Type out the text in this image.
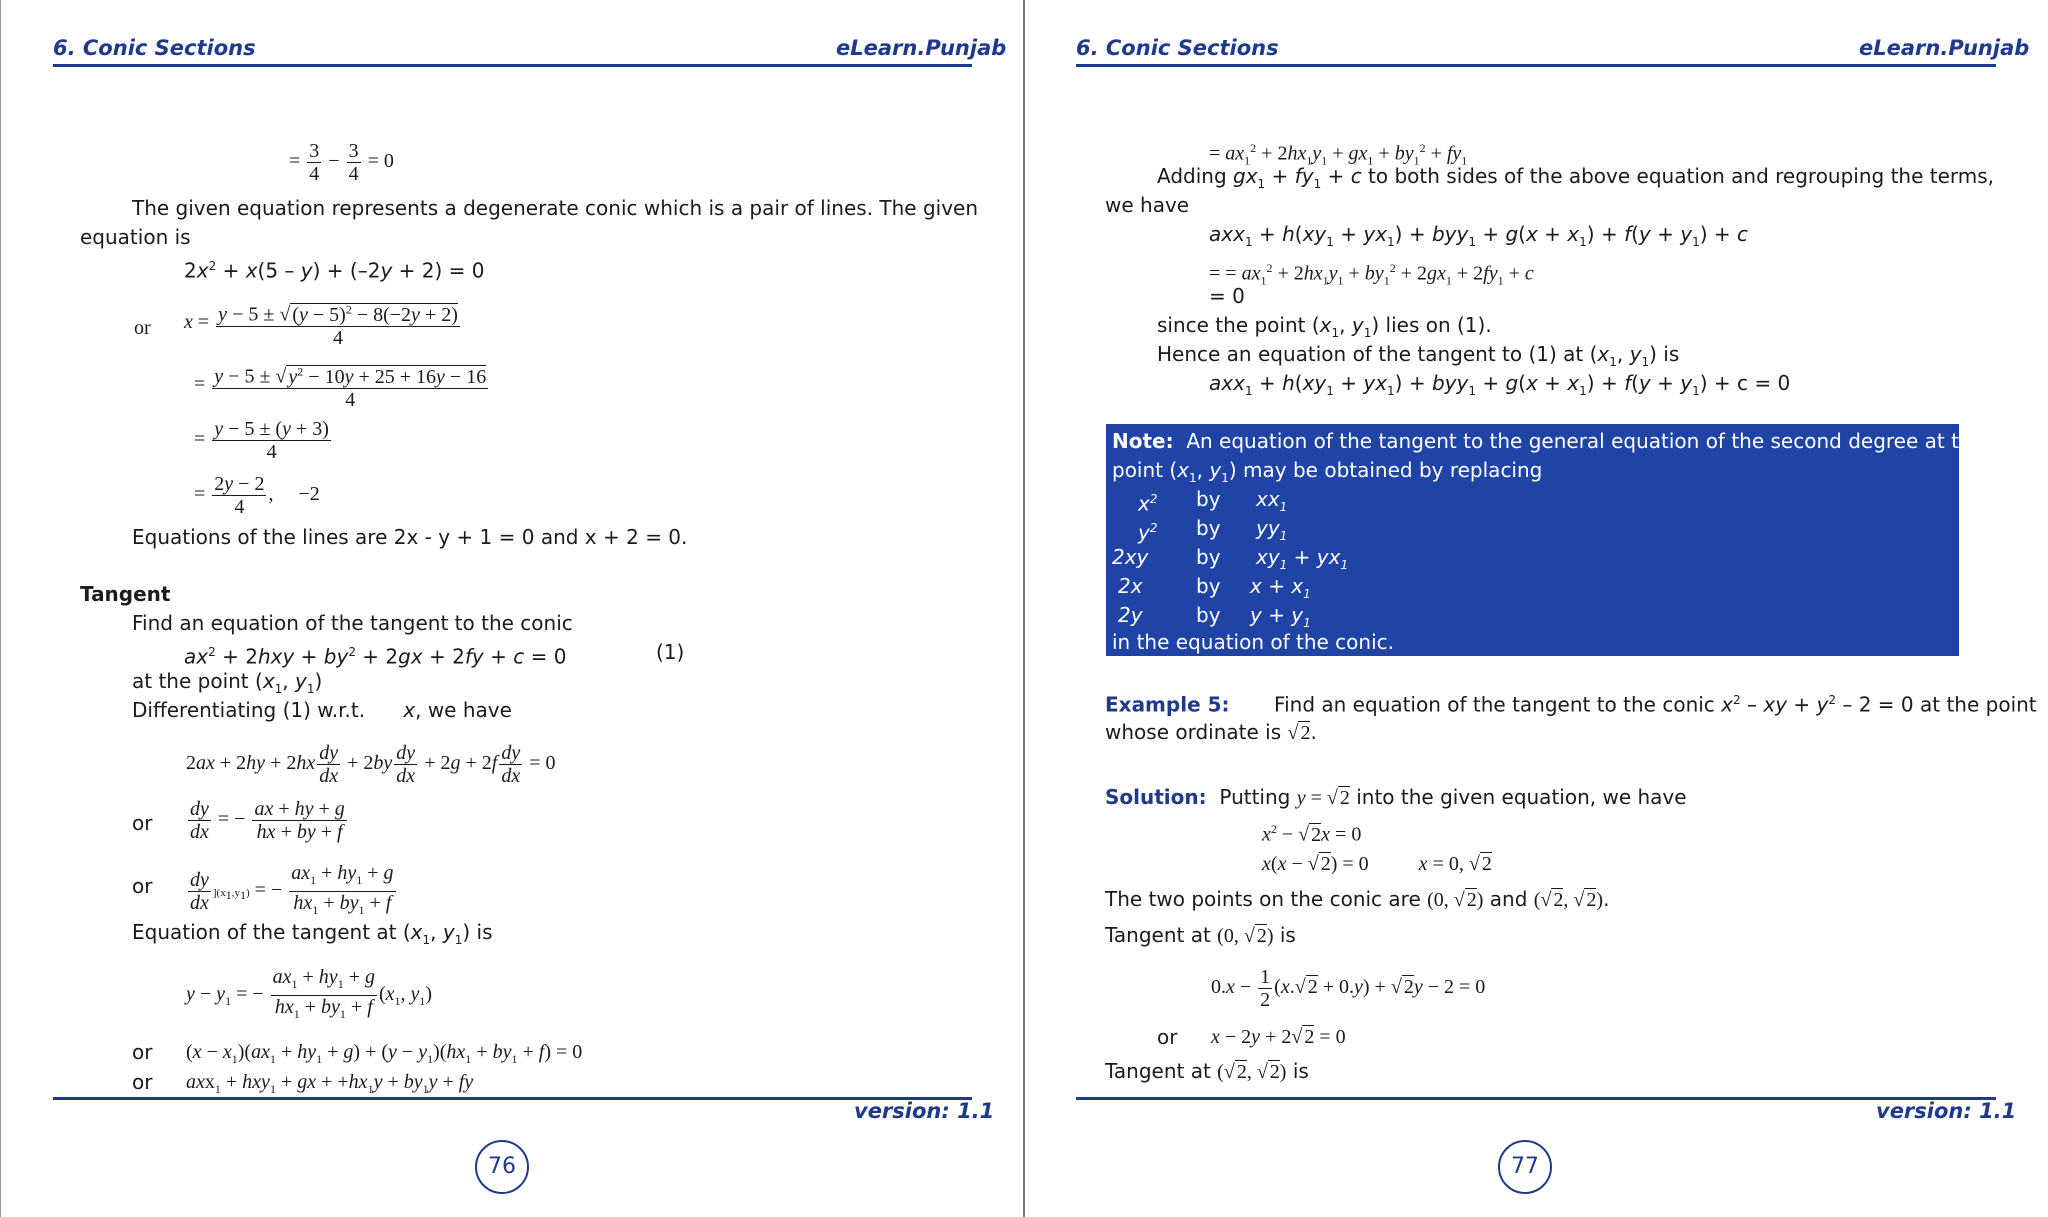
6. Conic Sections	eLearn.Punjab
= $\frac{3}{4} - \frac{3}{4} = 0$
The given equation represents a degenerate conic which is a pair of lines. The given
equation is
$2x^2 + x(5 - y) + (-2y + 2) = 0$
or $x = \frac{y - 5 \pm √ (y - 5)^2 - 8(-2y + 2)}{4}$
= $\frac{y - 5 \pm √ y^2 - 10y + 25 + 16y - 16}{4}$
= $\frac{y - 5 \pm (y + 3)}{4}$
= $\frac{2y - 2}{4}$ ,     −2
Equations of the lines are 2x - y + 1 = 0 and x + 2 = 0.
Tangent
Find an equation of the tangent to the conic
$ax^2 + 2hxy + by^2 + 2gx + 2fy + c = 0$	(1)
at the point ($x_1$, $y_1$)
Differentiating (1) w.r.t. x, we have
$2ax + 2hy + 2hx \frac{dy}{dx} + 2by \frac{dy}{dx} + 2g + 2f \frac{dy}{dx} = 0$
or $\frac{dy}{dx}$ = − $\frac{ax + hy + g}{hx + by + f}$
or $\frac{dy}{dx} ](x_1,y_1)$ = − $\frac{ax_1 + hy_1 + g}{hx_1 + by_1 + f}$
Equation of the tangent at ($x_1$, $y_1$) is
$y - y_1$ = − $\frac{ax_1 + hy_1 + g}{hx_1 + by_1 + f} (x_1$, $y_1$)
or $(x - x_1)(ax_1 + hy_1 + g) + (y - y_1)(hx_1 + by_1 + f) = 0$
or axx$_1$ + hxy$_1$ + gx + $+hx_1y + by_1y$ + fy
version: 1.1
76
6. Conic Sections	eLearn.Punjab
= $ax_1^2 + 2hx_1y_1 + gx_1 + by_1^2 + fy_1$
Adding $gx_1 + fy_1 + c$ to both sides of the above equation and regrouping the terms,
we have
$axx_1 + h(xy_1 + yx_1) + byy_1 + g(x + x_1) + f(y + y_1) + c$
= = $ax_1^2 + 2hx_1y_1 + by_1^2 + 2gx_1 + 2fy_1 + c$
= 0
since the point ($x_1$, $y_1$) lies on (1).
Hence an equation of the tangent to (1) at ($x_1$, $y_1$) is
$axx_1 + h(xy_1 + yx_1) + byy_1 + g(x + x_1) + f(y + y_1) + c = 0$
Note: An equation of the tangent to the general equation of the second degree at the
point ($x_1$, $y_1$) may be obtained by replacing
$x^2$ by $xx_1$
$y^2$ by $yy_1$
2xy by $xy_1 + yx_1$
2x	by $x + x_1$
2y	by $y + y_1$
in the equation of the conic.
Example 5: Find an equation of the tangent to the conic $x^2$ – xy + $y^2 - 2 = 0$ at the point
whose ordinate is √ 2.
Solution: Putting y = √ 2 into the given equation, we have
$x^2$ − √ 2x = 0
x(x − √ 2) = 0          x = 0, √ 2
The two points on the conic are (0, √ 2) and (√ 2, √ 2).
Tangent at (0, √ 2) is
$0.x - \frac{1}{2} (x.√$ 2 + 0.y) + √ 2y − 2 = 0
or x − 2y + 2√ 2 = 0
Tangent at (√ 2, √ 2) is
version: 1.1
77
